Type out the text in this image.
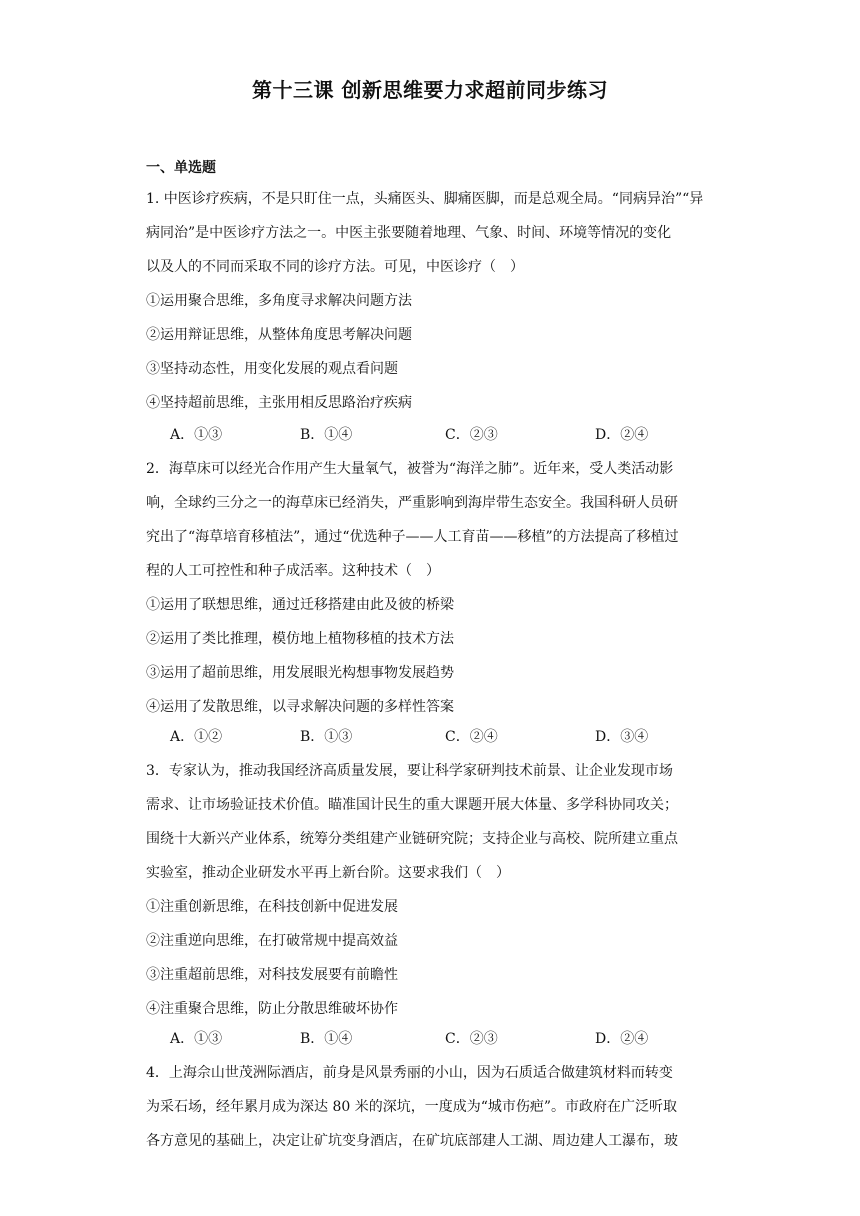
第十三课 创新思维要力求超前同步练习
一、单选题
1. 中医诊疗疾病，不是只盯住一点，头痛医头、脚痛医脚，而是总观全局。“同病异治”“异
病同治”是中医诊疗方法之一。中医主张要随着地理、气象、时间、环境等情况的变化
以及人的不同而采取不同的诊疗方法。可见，中医诊疗（　）
①运用聚合思维，多角度寻求解决问题方法
②运用辩证思维，从整体角度思考解决问题
③坚持动态性，用变化发展的观点看问题
④坚持超前思维，主张用相反思路治疗疾病
A．①③	B．①④	C．②③	D．②④
2．海草床可以经光合作用产生大量氧气，被誉为“海洋之肺”。近年来，受人类活动影
响，全球约三分之一的海草床已经消失，严重影响到海岸带生态安全。我国科研人员研
究出了“海草培育移植法”，通过“优选种子——人工育苗——移植”的方法提高了移植过
程的人工可控性和种子成活率。这种技术（　）
①运用了联想思维，通过迁移搭建由此及彼的桥梁
②运用了类比推理，模仿地上植物移植的技术方法
③运用了超前思维，用发展眼光构想事物发展趋势
④运用了发散思维，以寻求解决问题的多样性答案
A．①②	B．①③	C．②④	D．③④
3．专家认为，推动我国经济高质量发展，要让科学家研判技术前景、让企业发现市场
需求、让市场验证技术价值。瞄准国计民生的重大课题开展大体量、多学科协同攻关；
围绕十大新兴产业体系，统筹分类组建产业链研究院；支持企业与高校、院所建立重点
实验室，推动企业研发水平再上新台阶。这要求我们（　）
①注重创新思维，在科技创新中促进发展
②注重逆向思维，在打破常规中提高效益
③注重超前思维，对科技发展要有前瞻性
④注重聚合思维，防止分散思维破坏协作
A．①③	B．①④	C．②③	D．②④
4．上海佘山世茂洲际酒店，前身是风景秀丽的小山，因为石质适合做建筑材料而转变
为采石场，经年累月成为深达 80 米的深坑，一度成为“城市伤疤”。市政府在广泛听取
各方意见的基础上，决定让矿坑变身酒店，在矿坑底部建人工湖、周边建人工瀑布，玻
